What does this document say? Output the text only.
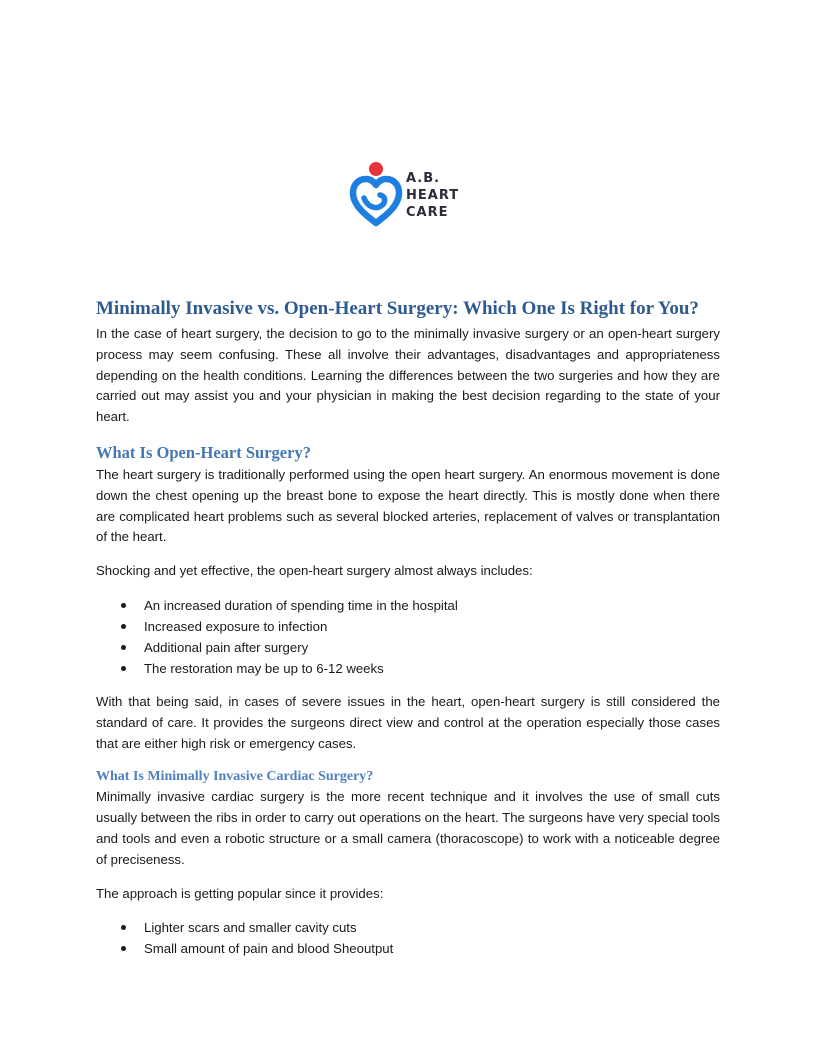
A.B.
HEART
CARE
Minimally Invasive vs. Open-Heart Surgery: Which One Is Right for You?

In the case of heart surgery, the decision to go to the minimally invasive surgery or an open-heart surgery process may seem confusing. These all involve their advantages, disadvantages and appropriateness depending on the health conditions. Learning the differences between the two surgeries and how they are carried out may assist you and your physician in making the best decision regarding to the state of your heart.

What Is Open-Heart Surgery?

The heart surgery is traditionally performed using the open heart surgery. An enormous movement is done down the chest opening up the breast bone to expose the heart directly. This is mostly done when there are complicated heart problems such as several blocked arteries, replacement of valves or transplantation of the heart.

Shocking and yet effective, the open-heart surgery almost always includes:

An increased duration of spending time in the hospital
Increased exposure to infection
Additional pain after surgery
The restoration may be up to 6-12 weeks

With that being said, in cases of severe issues in the heart, open-heart surgery is still considered the standard of care. It provides the surgeons direct view and control at the operation especially those cases that are either high risk or emergency cases.

What Is Minimally Invasive Cardiac Surgery?

Minimally invasive cardiac surgery is the more recent technique and it involves the use of small cuts usually between the ribs in order to carry out operations on the heart. The surgeons have very special tools and tools and even a robotic structure or a small camera (thoracoscope) to work with a noticeable degree of preciseness.

The approach is getting popular since it provides:

Lighter scars and smaller cavity cuts
Small amount of pain and blood Sheoutput
